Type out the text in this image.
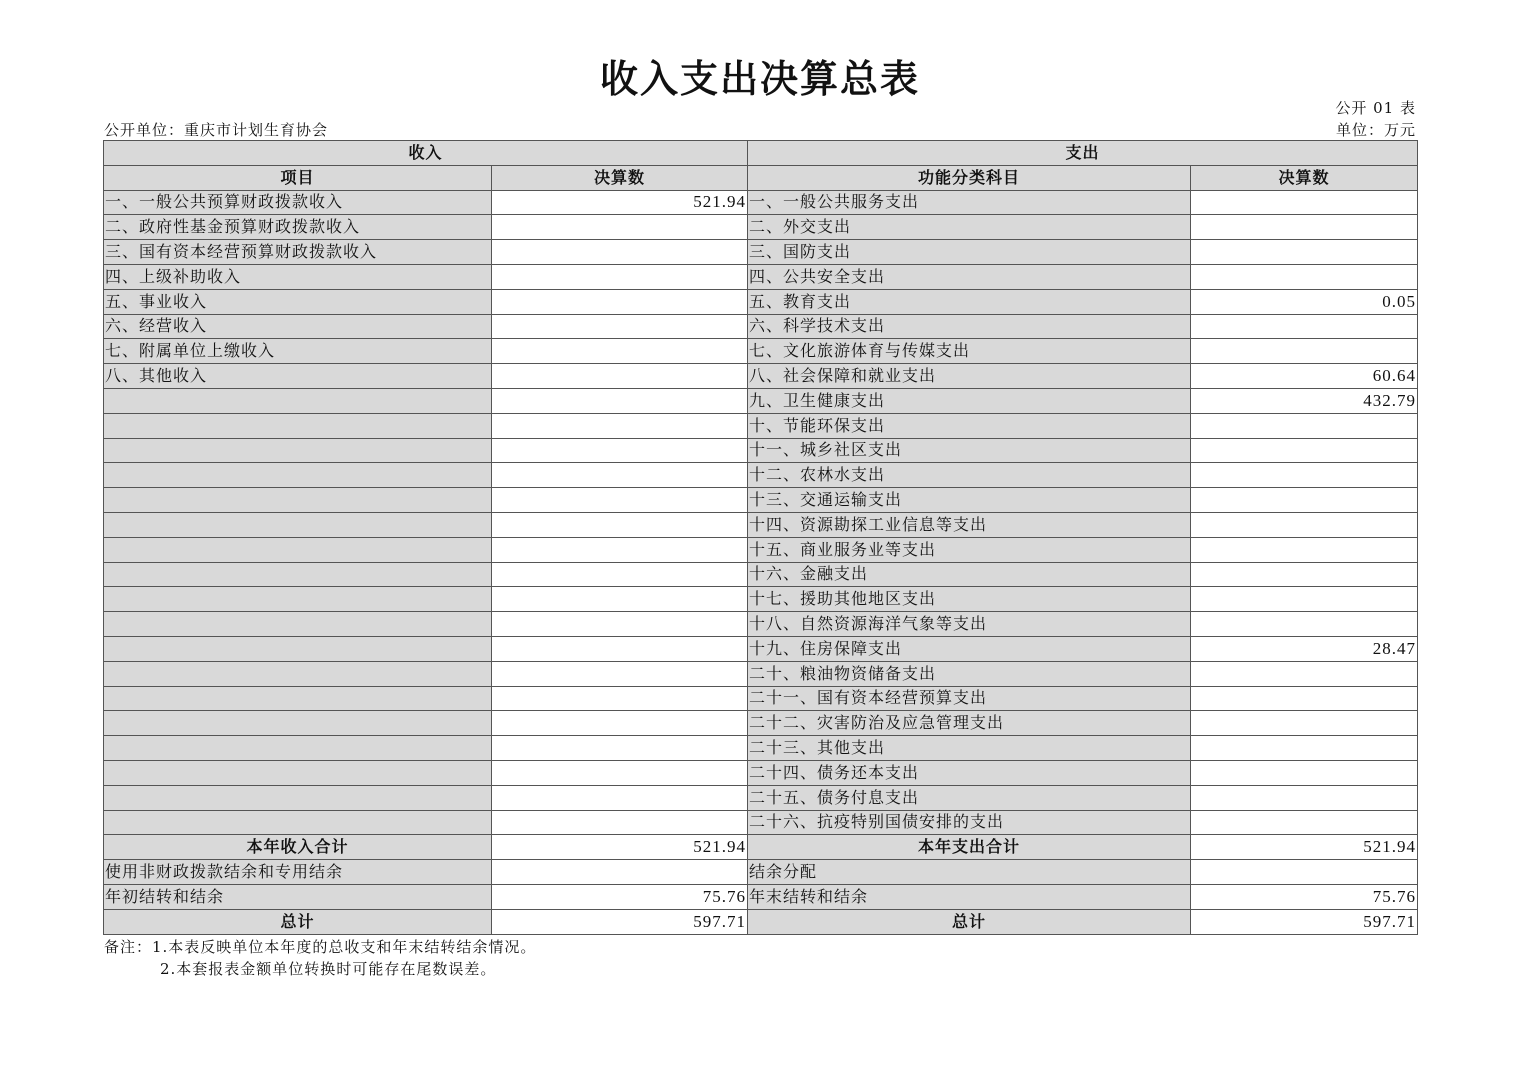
收入支出决算总表
公开 01 表
公开单位：重庆市计划生育协会	单位：万元
收入		支出	
项目	决算数	功能分类科目	决算数
一、一般公共预算财政拨款收入	521.94	一、一般公共服务支出	
二、政府性基金预算财政拨款收入		二、外交支出	
三、国有资本经营预算财政拨款收入		三、国防支出	
四、上级补助收入		四、公共安全支出	
五、事业收入		五、教育支出	0.05
六、经营收入		六、科学技术支出	
七、附属单位上缴收入		七、文化旅游体育与传媒支出	
八、其他收入		八、社会保障和就业支出	60.64
		九、卫生健康支出	432.79
		十、节能环保支出	
		十一、城乡社区支出	
		十二、农林水支出	
		十三、交通运输支出	
		十四、资源勘探工业信息等支出	
		十五、商业服务业等支出	
		十六、金融支出	
		十七、援助其他地区支出	
		十八、自然资源海洋气象等支出	
		十九、住房保障支出	28.47
		二十、粮油物资储备支出	
		二十一、国有资本经营预算支出	
		二十二、灾害防治及应急管理支出	
		二十三、其他支出	
		二十四、债务还本支出	
		二十五、债务付息支出	
		二十六、抗疫特别国债安排的支出	
本年收入合计	521.94	本年支出合计	521.94
使用非财政拨款结余和专用结余		结余分配	
年初结转和结余	75.76	年末结转和结余	75.76
总计	597.71	总计	597.71
备注：1.本表反映单位本年度的总收支和年末结转结余情况。
2.本套报表金额单位转换时可能存在尾数误差。
